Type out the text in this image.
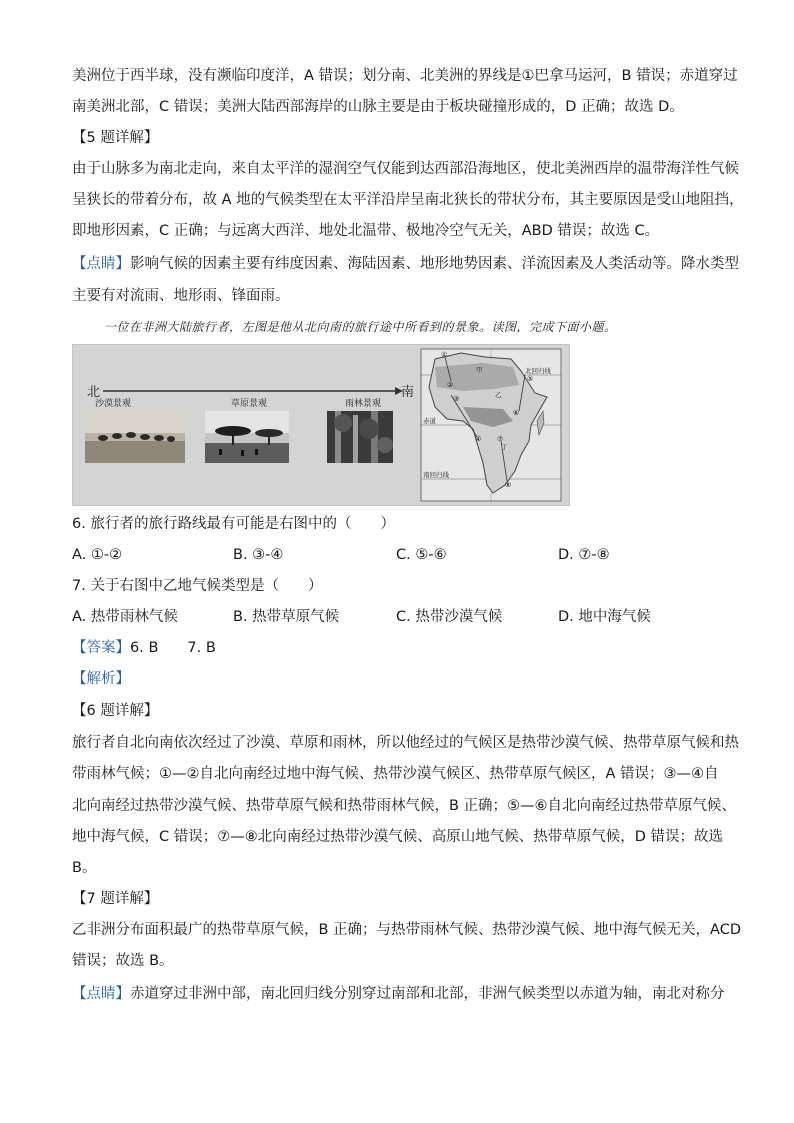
美洲位于西半球，没有濒临印度洋，A 错误；划分南、北美洲的界线是①巴拿马运河，B 错误；赤道穿过
南美洲北部，C 错误；美洲大陆西部海岸的山脉主要是由于板块碰撞形成的，D 正确；故选 D。
【5 题详解】
由于山脉多为南北走向，来自太平洋的湿润空气仅能到达西部沿海地区，使北美洲西岸的温带海洋性气候
呈狭长的带着分布，故 A 地的气候类型在太平洋沿岸呈南北狭长的带状分布，其主要原因是受山地阻挡，
即地形因素，C 正确；与远离大西洋、地处北温带、极地冷空气无关，ABD 错误；故选 C。
【点睛】影响气候的因素主要有纬度因素、海陆因素、地形地势因素、洋流因素及人类活动等。降水类型
主要有对流雨、地形雨、锋面雨。
一位在非洲大陆旅行者，左图是他从北向南的旅行途中所看到的景象。读图，完成下面小题。
北	南
沙漠景观	草原景观	雨林景观
甲
乙
丁
北回归线
赤道
南回归线
①
②
③
④
⑤
⑥
⑦
⑧
6. 旅行者的旅行路线最有可能是右图中的（　　）
A. ①-②	B. ③-④	C. ⑤-⑥	D. ⑦-⑧
7. 关于右图中乙地气候类型是（　　）
A. 热带雨林气候	B. 热带草原气候	C. 热带沙漠气候	D. 地中海气候
【答案】6. B　　7. B
【解析】
【6 题详解】
旅行者自北向南依次经过了沙漠、草原和雨林，所以他经过的气候区是热带沙漠气候、热带草原气候和热
带雨林气候；①—②自北向南经过地中海气候、热带沙漠气候区、热带草原气候区，A 错误；③—④自
北向南经过热带沙漠气候、热带草原气候和热带雨林气候，B 正确；⑤—⑥自北向南经过热带草原气候、
地中海气候，C 错误；⑦—⑧北向南经过热带沙漠气候、高原山地气候、热带草原气候，D 错误；故选
B。
【7 题详解】
乙非洲分布面积最广的热带草原气候，B 正确；与热带雨林气候、热带沙漠气候、地中海气候无关，ACD
错误；故选 B。
【点睛】赤道穿过非洲中部，南北回归线分别穿过南部和北部，非洲气候类型以赤道为轴，南北对称分
